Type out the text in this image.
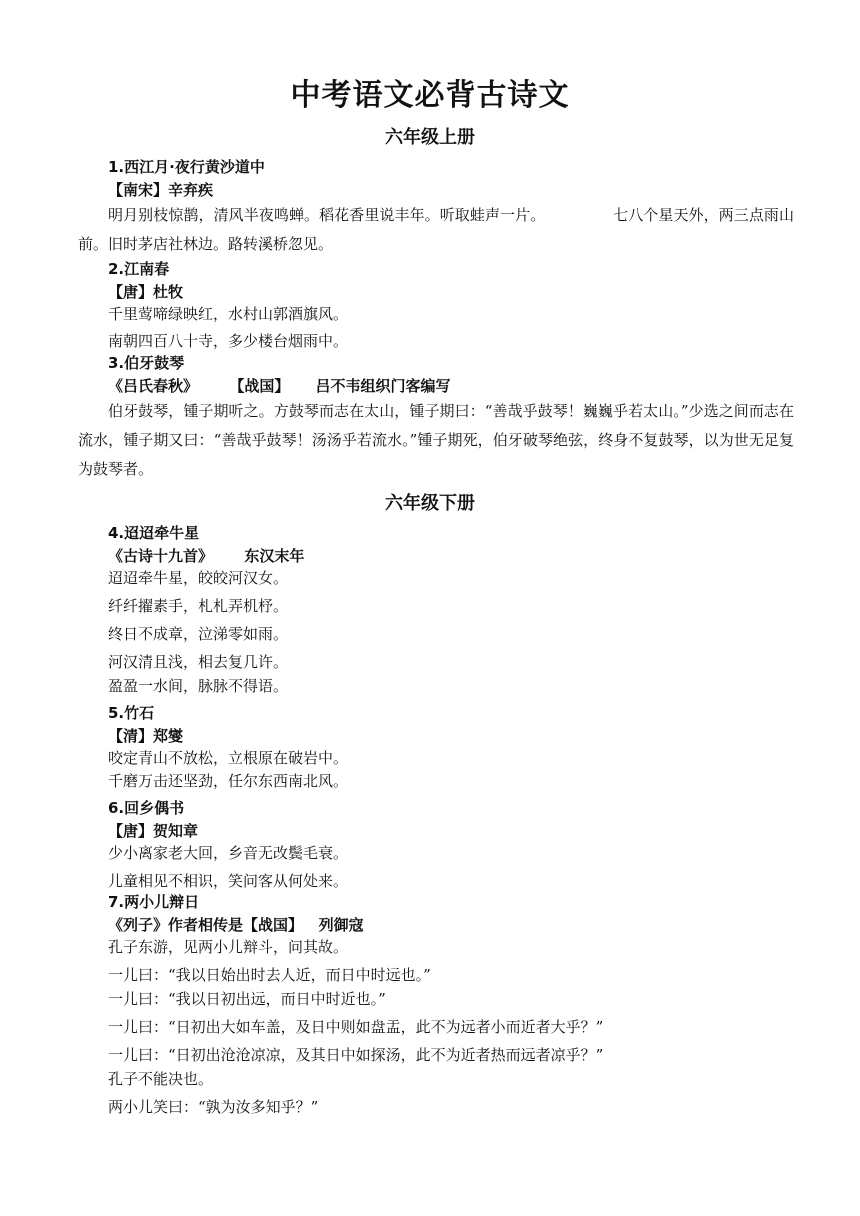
中考语文必背古诗文
六年级上册
1.西江月·夜行黄沙道中
【南宋】辛弃疾
明月别枝惊鹊，清风半夜鸣蝉。稻花香里说丰年。听取蛙声一片。              七八个星天外，两三点雨山前。旧时茅店社林边。路转溪桥忽见。
2.江南春
【唐】杜牧
千里莺啼绿映红，水村山郭酒旗风。
南朝四百八十寺，多少楼台烟雨中。
3.伯牙鼓琴
《吕氏春秋》      【战国】     吕不韦组织门客编写
伯牙鼓琴，锺子期听之。方鼓琴而志在太山，锺子期曰：“善哉乎鼓琴！巍巍乎若太山。”少选之间而志在流水，锺子期又曰：“善哉乎鼓琴！汤汤乎若流水。”锺子期死，伯牙破琴绝弦，终身不复鼓琴，以为世无足复为鼓琴者。
六年级下册
4.迢迢牵牛星
《古诗十九首》      东汉末年
迢迢牵牛星，皎皎河汉女。
纤纤擢素手，札札弄机杼。
终日不成章，泣涕零如雨。
河汉清且浅，相去复几许。
盈盈一水间，脉脉不得语。
5.竹石
【清】郑燮
咬定青山不放松，立根原在破岩中。
千磨万击还坚劲，任尔东西南北风。
6.回乡偶书
【唐】贺知章
少小离家老大回，乡音无改鬓毛衰。
儿童相见不相识，笑问客从何处来。
7.两小儿辩日
《列子》作者相传是【战国】   列御寇
孔子东游，见两小儿辩斗，问其故。
一儿曰：“我以日始出时去人近，而日中时远也。”
一儿曰：“我以日初出远，而日中时近也。”
一儿曰：“日初出大如车盖，及日中则如盘盂，此不为远者小而近者大乎？”
一儿曰：“日初出沧沧凉凉，及其日中如探汤，此不为近者热而远者凉乎？”
孔子不能决也。
两小儿笑曰：“孰为汝多知乎？”
